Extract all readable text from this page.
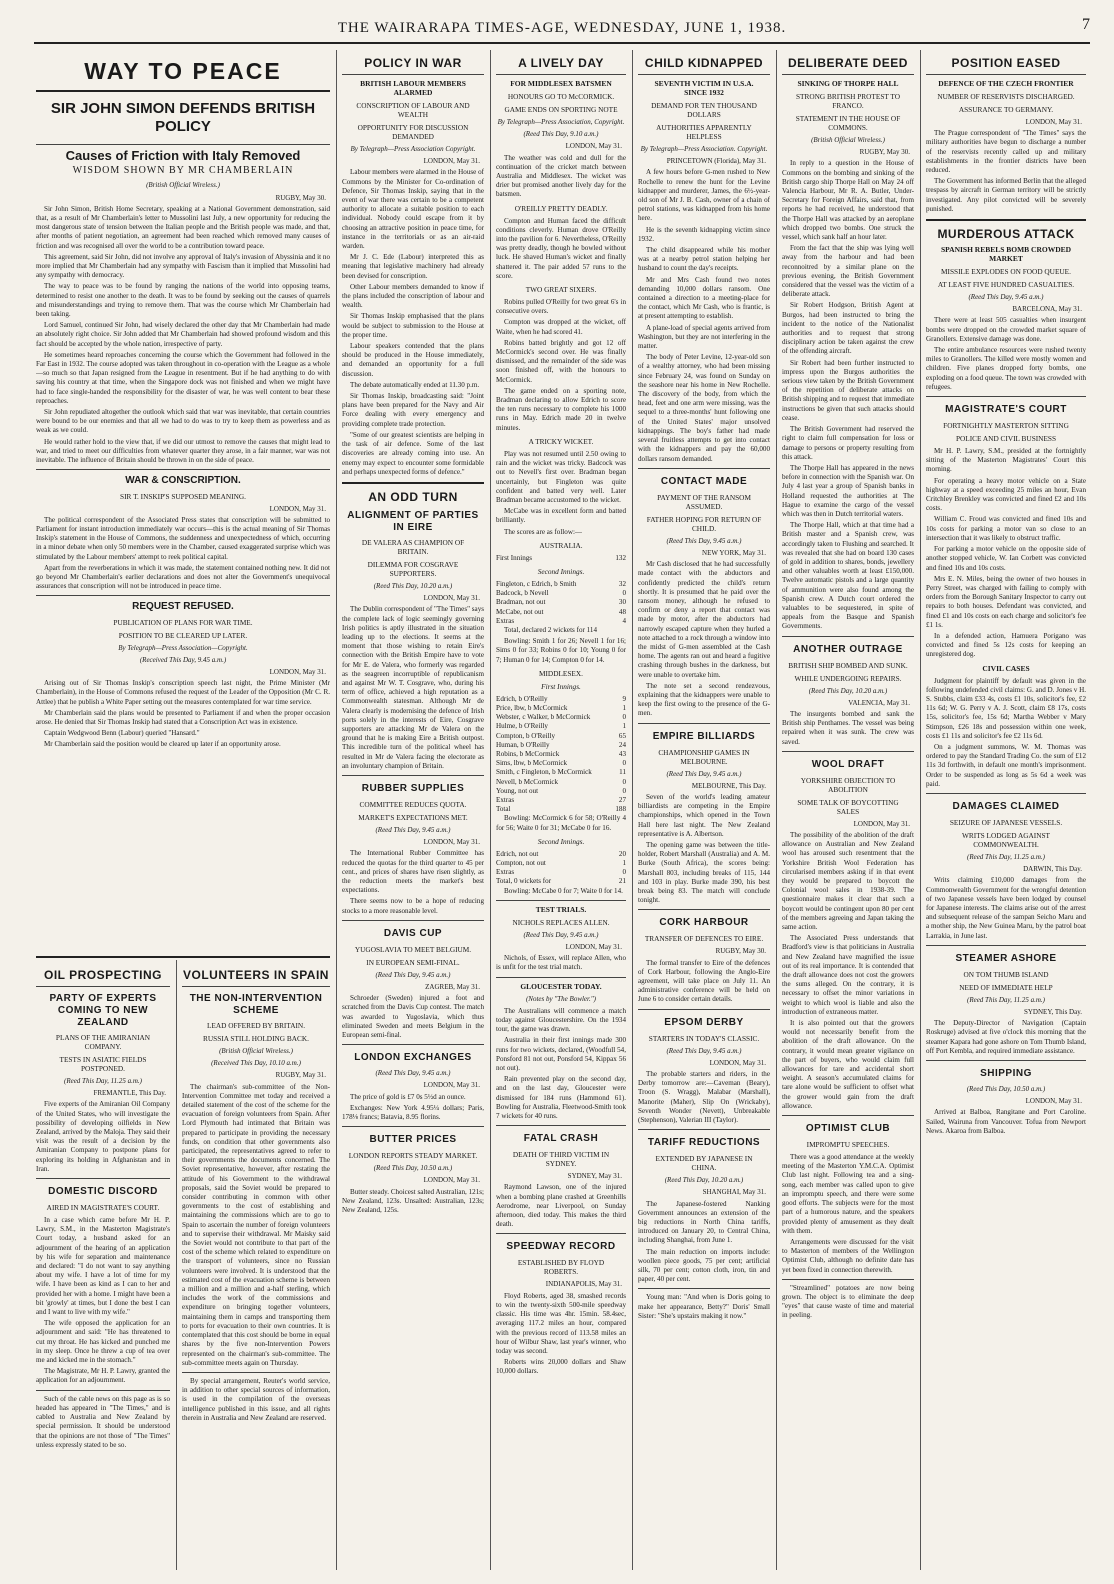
THE WAIRARAPA TIMES-AGE, WEDNESDAY, JUNE 1, 1938.	7
WAY TO PEACE
SIR JOHN SIMON DEFENDS BRITISH POLICY
Causes of Friction with Italy Removed
WISDOM SHOWN BY MR CHAMBERLAIN
(British Official Wireless.)
RUGBY, May 30.

Sir John Simon, British Home Secretary, speaking at a National Government demonstration, said that, as a result of Mr Chamberlain's letter to Mussolini last July, a new opportunity for reducing the most dangerous state of tension between the Italian people and the British people was made, and that, after months of patient negotiation, an agreement had been reached which removed many causes of friction and was recognised all over the world to be a contribution toward peace.

This agreement, said Sir John, did not involve any approval of Italy's invasion of Abyssinia and it no more implied that Mr Chamberlain had any sympathy with Fascism than it implied that Mussolini had any sympathy with democracy.

The way to peace was to be found by ranging the nations of the world into opposing teams, determined to resist one another to the death. It was to be found by seeking out the causes of quarrels and misunderstandings and trying to remove them. That was the course which Mr Chamberlain had been taking.

Lord Samuel, continued Sir John, had wisely declared the other day that Mr Chamberlain had made an absolutely right choice. Sir John added that Mr Chamberlain had showed profound wisdom and this fact should be accepted by the whole nation, irrespective of party.

He sometimes heard reproaches concerning the course which the Government had followed in the Far East in 1932. The course adopted was taken throughout in co-operation with the League as a whole—so much so that Japan resigned from the League in resentment. But if he had anything to do with saving his country at that time, when the Singapore dock was not finished and when we might have had to face single-handed the responsibility for the disaster of war, he was well content to bear these reproaches.

Sir John repudiated altogether the outlook which said that war was inevitable, that certain countries were bound to be our enemies and that all we had to do was to try to keep them as powerless and as weak as we could.

He would rather hold to the view that, if we did our utmost to remove the causes that might lead to war, and tried to meet our difficulties from whatever quarter they arose, in a fair manner, war was not inevitable. The influence of Britain should be thrown in on the side of peace.

WAR & CONSCRIPTION.
SIR T. INSKIP'S SUPPOSED MEANING.
LONDON, May 31.

The political correspondent of the Associated Press states that conscription will be submitted to Parliament for instant introduction immediately war occurs—this is the actual meaning of Sir Thomas Inskip's statement in the House of Commons, the suddenness and unexpectedness of which, occurring in a minor debate when only 50 members were in the Chamber, caused exaggerated surprise which was stimulated by the Labour members' attempt to reek political capital.

Apart from the reverberations in which it was made, the statement contained nothing new. It did not go beyond Mr Chamberlain's earlier declarations and does not alter the Government's unequivocal assurances that conscription will not be introduced in peace time.

REQUEST REFUSED.
PUBLICATION OF PLANS FOR WAR TIME.
POSITION TO BE CLEARED UP LATER.
By Telegraph—Press Association—Copyright.
(Received This Day, 9.45 a.m.)
LONDON, May 31.

Arising out of Sir Thomas Inskip's conscription speech last night, the Prime Minister (Mr Chamberlain), in the House of Commons refused the request of the Leader of the Opposition (Mr C. R. Attlee) that he publish a White Paper setting out the measures contemplated for war time service.

Mr Chamberlain said the plans would be presented to Parliament if and when the proper occasion arose. He denied that Sir Thomas Inskip had stated that a Conscription Act was in existence.

Captain Wedgwood Benn (Labour) queried "Hansard."

Mr Chamberlain said the position would be cleared up later if an opportunity arose.

OIL PROSPECTING
PARTY OF EXPERTS COMING TO NEW ZEALAND
PLANS OF THE AMIRANIAN COMPANY.
TESTS IN ASIATIC FIELDS POSTPONED.
(Reed This Day, 11.25 a.m.)
FREMANTLE, This Day.

Five experts of the Amiranian Oil Company of the United States, who will investigate the possibility of developing oilfields in New Zealand, arrived by the Maloja. They said their visit was the result of a decision by the Amiranian Company to postpone plans for exploring its holding in Afghanistan and in Iran.

DOMESTIC DISCORD
AIRED IN MAGISTRATE'S COURT.

In a case which came before Mr H. P. Lawry, S.M., in the Masterton Magistrate's Court today, a husband asked for an adjournment of the hearing of an application by his wife for separation and maintenance and declared: "I do not want to say anything about my wife. I have a lot of time for my wife. I have been as kind as I can to her and provided her with a home. I might have been a bit 'growly' at times, but I done the best I can and I want to live with my wife."

The wife opposed the application for an adjournment and said: "He has threatened to cut my throat. He has kicked and punched me in my sleep. Once he threw a cup of tea over me and kicked me in the stomach."

The Magistrate, Mr H. P. Lawry, granted the application for an adjournment.

Such of the cable news on this page as is so headed has appeared in "The Times," and is cabled to Australia and New Zealand by special permission. It should be understood that the opinions are not those of "The Times" unless expressly stated to be so.

VOLUNTEERS IN SPAIN
THE NON-INTERVENTION SCHEME
LEAD OFFERED BY BRITAIN.
RUSSIA STILL HOLDING BACK.
(British Official Wireless.)
(Received This Day, 10.10 a.m.)
RUGBY, May 31.

The chairman's sub-committee of the Non-Intervention Committee met today and received a detailed statement of the cost of the scheme for the evacuation of foreign volunteers from Spain. After Lord Plymouth had intimated that Britain was prepared to participate in providing the necessary funds, on condition that other governments also participated, the representatives agreed to refer to their governments the documents concerned. The Soviet representative, however, after restating the attitude of his Government to the withdrawal proposals, said the Soviet would be prepared to consider contributing in common with other governments to the cost of establishing and maintaining the commissions which are to go to Spain to ascertain the number of foreign volunteers and to supervise their withdrawal. Mr Maisky said the Soviet would not contribute to that part of the cost of the scheme which related to expenditure on the transport of volunteers, since no Russian volunteers were involved. It is understood that the estimated cost of the evacuation scheme is between a million and a million and a-half sterling, which includes the work of the commissions and expenditure on bringing together volunteers, maintaining them in camps and transporting them to ports for evacuation to their own countries. It is contemplated that this cost should be borne in equal shares by the five non-Intervention Powers represented on the chairman's sub-committee. The sub-committee meets again on Thursday.

By special arrangement, Reuter's world service, in addition to other special sources of information, is used in the compilation of the overseas intelligence published in this issue, and all rights therein in Australia and New Zealand are reserved.

POLICY IN WAR
BRITISH LABOUR MEMBERS ALARMED
CONSCRIPTION OF LABOUR AND WEALTH
OPPORTUNITY FOR DISCUSSION DEMANDED
By Telegraph—Press Association Copyright.
LONDON, May 31.

Labour members were alarmed in the House of Commons by the Minister for Co-ordination of Defence, Sir Thomas Inskip, saying that in the event of war there was certain to be a competent authority to allocate a suitable position to each individual. Nobody could escape from it by choosing an attractive position in peace time, for instance in the territorials or as an air-raid warden.

Mr J. C. Ede (Labour) interpreted this as meaning that legislative machinery had already been devised for conscription.

Other Labour members demanded to know if the plans included the conscription of labour and wealth.

Sir Thomas Inskip emphasised that the plans would be subject to submission to the House at the proper time.

Labour speakers contended that the plans should be produced in the House immediately, and demanded an opportunity for a full discussion.

The debate automatically ended at 11.30 p.m.

Sir Thomas Inskip, broadcasting said: "Joint plans have been prepared for the Navy and Air Force dealing with every emergency and providing complete trade protection.

"Some of our greatest scientists are helping in the task of air defence. Some of the last discoveries are already coming into use. An enemy may expect to encounter some formidable and perhaps unexpected forms of defence."

AN ODD TURN
ALIGNMENT OF PARTIES IN EIRE
DE VALERA AS CHAMPION OF BRITAIN.
DILEMMA FOR COSGRAVE SUPPORTERS.
(Reed This Day, 10.20 a.m.)
LONDON, May 31.

The Dublin correspondent of "The Times" says the complete lack of logic seemingly governing Irish politics is aptly illustrated in the situation leading up to the elections. It seems at the moment that those wishing to retain Eire's connection with the British Empire have to vote for Mr E. de Valera, who formerly was regarded as the seagreen incorruptible of republicanism and against Mr W. T. Cosgrave, who, during his term of office, achieved a high reputation as a Commonwealth statesman. Although Mr de Valera clearly is modernising the defence of Irish ports solely in the interests of Eire, Cosgrave supporters are attacking Mr de Valera on the ground that he is making Eire a British outpost. This incredible turn of the political wheel has resulted in Mr de Valera facing the electorate as an involuntary champion of Britain.

RUBBER SUPPLIES
COMMITTEE REDUCES QUOTA.
MARKET'S EXPECTATIONS MET.
(Reed This Day, 9.45 a.m.)
LONDON, May 31.

The International Rubber Committee has reduced the quotas for the third quarter to 45 per cent., and prices of shares have risen slightly, as the reduction meets the market's best expectations.

There seems now to be a hope of reducing stocks to a more reasonable level.

DAVIS CUP
YUGOSLAVIA TO MEET BELGIUM.
IN EUROPEAN SEMI-FINAL.
(Reed This Day, 9.45 a.m.)
ZAGREB, May 31.

Schroeder (Sweden) injured a foot and scratched from the Davis Cup contest. The match was awarded to Yugoslavia, which thus eliminated Sweden and meets Belgium in the European semi-final.

LONDON EXCHANGES
(Reed This Day, 9.45 a.m.)
LONDON, May 31.

The price of gold is £7 0s 5½d an ounce.

Exchanges: New York 4.95¼ dollars; Paris, 178⅛ francs; Batavia, 8.95 florins.

BUTTER PRICES
LONDON REPORTS STEADY MARKET.
(Reed This Day, 10.50 a.m.)
LONDON, May 31.

Butter steady. Choicest salted Australian, 121s; New Zealand, 123s. Unsalted: Australian, 123s; New Zealand, 125s.

A LIVELY DAY
FOR MIDDLESEX BATSMEN
HONOURS GO TO McCORMICK.
GAME ENDS ON SPORTING NOTE
By Telegraph—Press Association, Copyright.
(Reed This Day, 9.10 a.m.)
LONDON, May 31.

The weather was cold and dull for the continuation of the cricket match between Australia and Middlesex. The wicket was drier but promised another lively day for the batsmen.

O'REILLY PRETTY DEADLY.

Compton and Human faced the difficult conditions cleverly. Human drove O'Reilly into the pavilion for 6. Nevertheless, O'Reilly was pretty deadly, though he bowled without luck. He shaved Human's wicket and finally shattered it. The pair added 57 runs to the score.

TWO GREAT SIXERS.

Robins pulled O'Reilly for two great 6's in consecutive overs.

Compton was dropped at the wicket, off Waite, when he had scored 41.

Robins batted brightly and got 12 off McCormick's second over. He was finally dismissed, and the remainder of the side was soon finished off, with the honours to McCormick.

The game ended on a sporting note, Bradman declaring to allow Edrich to score the ten runs necessary to complete his 1000 runs in May. Edrich made 20 in twelve minutes.

A TRICKY WICKET.

Play was not resumed until 2.50 owing to rain and the wicket was tricky. Badcock was out to Nevell's first over. Bradman began uncertainly, but Fingleton was quite confident and batted very well. Later Bradman became accustomed to the wicket.

McCabe was in excellent form and batted brilliantly.

The scores are as follow:—

AUSTRALIA.
First Innings	132
Second Innings.
Fingleton, c Edrich, b Smith	32
Badcock, b Nevell	0
Bradman, not out	30
McCabe, not out	48
Extras	4

Total, declared 2 wickets for 114

Bowling: Smith 1 for 26; Nevell 1 for 16; Sims 0 for 33; Robins 0 for 10; Young 0 for 7; Human 0 for 14; Compton 0 for 14.

MIDDLESEX.
First Innings.
Edrich, b O'Reilly	9
Price, lbw, b McCormick	1
Webster, c Walker, b McCormick	0
Hulme, b O'Reilly	1
Compton, b O'Reilly	65
Human, b O'Reilly	24
Robins, b McCormick	43
Sims, lbw, b McCormick	0
Smith, c Fingleton, b McCormick	11
Nevell, b McCormick	0
Young, not out	0
Extras	27
Total	188

Bowling: McCormick 6 for 58; O'Reilly 4 for 56; Waite 0 for 31; McCabe 0 for 16.

Second Innings.
Edrich, not out	20
Compton, not out	1
Extras	0
Total, 0 wickets for	21

Bowling: McCabe 0 for 7; Waite 0 for 14.

TEST TRIALS.
NICHOLS REPLACES ALLEN.
(Reed This Day, 9.45 a.m.)
LONDON, May 31.

Nichols, of Essex, will replace Allen, who is unfit for the test trial match.

GLOUCESTER TODAY.
(Notes by "The Bowler.")

The Australians will commence a match today against Gloucestershire. On the 1934 tour, the game was drawn.

Australia in their first innings made 300 runs for two wickets, declared, (Woodfull 54, Ponsford 81 not out, Ponsford 54, Kippax 56 not out).

Rain prevented play on the second day, and on the last day, Gloucester were dismissed for 184 runs (Hammond 61). Bowling for Australia, Fleetwood-Smith took 7 wickets for 40 runs.

FATAL CRASH
DEATH OF THIRD VICTIM IN SYDNEY.
SYDNEY, May 31.

Raymond Lawson, one of the injured when a bombing plane crashed at Greenhills Aerodrome, near Liverpool, on Sunday afternoon, died today. This makes the third death.

SPEEDWAY RECORD
ESTABLISHED BY FLOYD ROBERTS.
INDIANAPOLIS, May 31.

Floyd Roberts, aged 38, smashed records to win the twenty-sixth 500-mile speedway classic. His time was 4hr. 15min. 58.4sec, averaging 117.2 miles an hour, compared with the previous record of 113.58 miles an hour of Wilbur Shaw, last year's winner, who today was second.

Roberts wins 20,000 dollars and Shaw 10,000 dollars.

CHILD KIDNAPPED
SEVENTH VICTIM IN U.S.A. SINCE 1932
DEMAND FOR TEN THOUSAND DOLLARS
AUTHORITIES APPARENTLY HELPLESS
By Telegraph—Press Association. Copyright.
PRINCETOWN (Florida), May 31.

A few hours before G-men rushed to New Rochelle to renew the hunt for the Levine kidnapper and murderer, James, the 6½-year-old son of Mr J. B. Cash, owner of a chain of petrol stations, was kidnapped from his home here.

He is the seventh kidnapping victim since 1932.

The child disappeared while his mother was at a nearby petrol station helping her husband to count the day's receipts.

Mr and Mrs Cash found two notes demanding 10,000 dollars ransom. One contained a direction to a meeting-place for the contact, which Mr Cash, who is frantic, is at present attempting to establish.

A plane-load of special agents arrived from Washington, but they are not interfering in the matter.

The body of Peter Levine, 12-year-old son of a wealthy attorney, who had been missing since February 24, was found on Sunday on the seashore near his home in New Rochelle. The discovery of the body, from which the head, feet and one arm were missing, was the sequel to a three-months' hunt following one of the United States' major unsolved kidnappings. The boy's father had made several fruitless attempts to get into contact with the kidnappers and pay the 60,000 dollars ransom demanded.

CONTACT MADE
PAYMENT OF THE RANSOM ASSUMED.
FATHER HOPING FOR RETURN OF CHILD.
(Reed This Day, 9.45 a.m.)
NEW YORK, May 31.

Mr Cash disclosed that he had successfully made contact with the abductors and confidently predicted the child's return shortly. It is presumed that he paid over the ransom money, although he refused to confirm or deny a report that contact was made by motor, after the abductors had narrowly escaped capture when they hurled a note attached to a rock through a window into the midst of G-men assembled at the Cash home. The agents ran out and heard a fugitive crashing through bushes in the darkness, but were unable to overtake him.

The note set a second rendezvous, explaining that the kidnappers were unable to keep the first owing to the presence of the G-men.

EMPIRE BILLIARDS
CHAMPIONSHIP GAMES IN MELBOURNE.
(Reed This Day, 9.45 a.m.)
MELBOURNE, This Day.

Seven of the world's leading amateur billiardists are competing in the Empire championships, which opened in the Town Hall here last night. The New Zealand representative is A. Albertson.

The opening game was between the title-holder, Robert Marshall (Australia) and A. M. Burke (South Africa), the scores being: Marshall 803, including breaks of 115, 144 and 103 in play. Burke made 390, his best break being 83. The match will conclude tonight.

CORK HARBOUR
TRANSFER OF DEFENCES TO EIRE.
RUGBY, May 30.

The formal transfer to Eire of the defences of Cork Harbour, following the Anglo-Eire agreement, will take place on July 11. An administrative conference will be held on June 6 to consider certain details.

EPSOM DERBY
STARTERS IN TODAY'S CLASSIC.
(Reed This Day, 9.45 a.m.)
LONDON, May 31.

The probable starters and riders, in the Derby tomorrow are:—Caveman (Beary), Troon (S. Wragg), Malabar (Marshall), Manorite (Maher), Slip On (Wrickaby), Seventh Wonder (Nevett), Unbreakable (Stephenson), Valerian III (Taylor).

TARIFF REDUCTIONS
EXTENDED BY JAPANESE IN CHINA.
(Reed This Day, 10.20 a.m.)
SHANGHAI, May 31.

The Japanese-fostered Nanking Government announces an extension of the big reductions in North China tariffs, introduced on January 20, to Central China, including Shanghai, from June 1.

The main reduction on imports include: woollen piece goods, 75 per cent; artificial silk, 70 per cent; cotton cloth, iron, tin and paper, 40 per cent.

Young man: "And when is Doris going to make her appearance, Betty?" Doris' Small Sister: "She's upstairs making it now."

DELIBERATE DEED
SINKING OF THORPE HALL
STRONG BRITISH PROTEST TO FRANCO.
STATEMENT IN THE HOUSE OF COMMONS.
(British Official Wireless.)
RUGBY, May 30.

In reply to a question in the House of Commons on the bombing and sinking of the British cargo ship Thorpe Hall on May 24 off Valencia Harbour, Mr R. A. Butler, Under-Secretary for Foreign Affairs, said that, from reports he had received, he understood that the Thorpe Hall was attacked by an aeroplane which dropped two bombs. One struck the vessel, which sank half an hour later.

From the fact that the ship was lying well away from the harbour and had been reconnoitred by a similar plane on the previous evening, the British Government considered that the vessel was the victim of a deliberate attack.

Sir Robert Hodgson, British Agent at Burgos, had been instructed to bring the incident to the notice of the Nationalist authorities and to request that strong disciplinary action be taken against the crew of the offending aircraft.

Sir Robert had been further instructed to impress upon the Burgos authorities the serious view taken by the British Government of the repetition of deliberate attacks on British shipping and to request that immediate instructions be given that such attacks should cease.

The British Government had reserved the right to claim full compensation for loss or damage to persons or property resulting from this attack.

The Thorpe Hall has appeared in the news before in connection with the Spanish war. On July 4 last year a group of Spanish banks in Holland requested the authorities at The Hague to examine the cargo of the vessel which was then in Dutch territorial waters.

The Thorpe Hall, which at that time had a British master and a Spanish crew, was accordingly taken to Flushing and searched. It was revealed that she had on board 130 cases of gold in addition to shares, bonds, jewellery and other valuables worth at least £150,000. Twelve automatic pistols and a large quantity of ammunition were also found among the Spanish crew. A Dutch court ordered the valuables to be sequestered, in spite of appeals from the Basque and Spanish Governments.

ANOTHER OUTRAGE
BRITISH SHIP BOMBED AND SUNK.
WHILE UNDERGOING REPAIRS.
(Reed This Day, 10.20 a.m.)
VALENCIA, May 31.

The insurgents bombed and sank the British ship Penthames. The vessel was being repaired when it was sunk. The crew was saved.

WOOL DRAFT
YORKSHIRE OBJECTION TO ABOLITION
SOME TALK OF BOYCOTTING SALES
LONDON, May 31.

The possibility of the abolition of the draft allowance on Australian and New Zealand wool has aroused such resentment that the Yorkshire British Wool Federation has circularised members asking if in that event they would be prepared to boycott the Colonial wool sales in 1938-39. The questionnaire makes it clear that such a boycott would be contingent upon 80 per cent of the members agreeing and Japan taking the same action.

The Associated Press understands that Bradford's view is that politicians in Australia and New Zealand have magnified the issue out of its real importance. It is contended that the draft allowance does not cost the growers the sums alleged. On the contrary, it is necessary to offset the minor variations in weight to which wool is liable and also the introduction of extraneous matter.

It is also pointed out that the growers would not necessarily benefit from the abolition of the draft allowance. On the contrary, it would mean greater vigilance on the part of buyers, who would claim full allowances for tare and accidental short weight. A season's accumulated claims for tare alone would be sufficient to offset what the grower would gain from the draft allowance.

OPTIMIST CLUB
IMPROMPTU SPEECHES.

There was a good attendance at the weekly meeting of the Masterton Y.M.C.A. Optimist Club last night. Following tea and a sing-song, each member was called upon to give an impromptu speech, and there were some good efforts. The subjects were for the most part of a humorous nature, and the speakers provided plenty of amusement as they dealt with them.

Arrangements were discussed for the visit to Masterton of members of the Wellington Optimist Club, although no definite date has yet been fixed in connection therewith.

"Streamlined" potatoes are now being grown. The object is to eliminate the deep "eyes" that cause waste of time and material in peeling.

POSITION EASED
DEFENCE OF THE CZECH FRONTIER
NUMBER OF RESERVISTS DISCHARGED.
ASSURANCE TO GERMANY.
LONDON, May 31.

The Prague correspondent of "The Times" says the military authorities have begun to discharge a number of the reservists recently called up and military establishments in the frontier districts have been reduced.

The Government has informed Berlin that the alleged trespass by aircraft in German territory will be strictly investigated. Any pilot convicted will be severely punished.

MURDEROUS ATTACK
SPANISH REBELS BOMB CROWDED MARKET
MISSILE EXPLODES ON FOOD QUEUE.
AT LEAST FIVE HUNDRED CASUALTIES.
(Reed This Day, 9.45 a.m.)
BARCELONA, May 31.

There were at least 505 casualties when insurgent bombs were dropped on the crowded market square of Granollers. Extensive damage was done.

The entire ambulance resources were rushed twenty miles to Granollers. The killed were mostly women and children. Five planes dropped forty bombs, one exploding on a food queue. The town was crowded with refugees.

MAGISTRATE'S COURT
FORTNIGHTLY MASTERTON SITTING
POLICE AND CIVIL BUSINESS

Mr H. P. Lawry, S.M., presided at the fortnightly sitting of the Masterton Magistrates' Court this morning.

For operating a heavy motor vehicle on a State highway at a speed exceeding 25 miles an hour, Evan Critchley Brenkley was convicted and fined £2 and 10s costs.

William C. Froud was convicted and fined 10s and 10s costs for parking a motor van so close to an intersection that it was likely to obstruct traffic.

For parking a motor vehicle on the opposite side of another stopped vehicle, W. Ian Corbett was convicted and fined 10s and 10s costs.

Mrs E. N. Miles, being the owner of two houses in Perry Street, was charged with failing to comply with orders from the Borough Sanitary Inspector to carry out repairs to both houses. Defendant was convicted, and fined £1 and 10s costs on each charge and solicitor's fee £1 1s.

In a defended action, Hamuera Porigano was convicted and fined 5s 12s costs for keeping an unregistered dog.

CIVIL CASES

Judgment for plaintiff by default was given in the following undefended civil claims: G. and D. Jones v H. S. Stubbs, claim £33 4s, costs £1 10s, solicitor's fee, £2 11s 6d; W. G. Perry v A. J. Scott, claim £8 17s, costs 15s, solicitor's fee, 15s 6d; Martha Webber v Mary Stimpson, £26 18s and possession within one week, costs £1 11s and solicitor's fee £2 11s 6d.

On a judgment summons, W. M. Thomas was ordered to pay the Standard Trading Co. the sum of £12 11s 3d forthwith, in default one month's imprisonment. Order to be suspended as long as 5s 6d a week was paid.

DAMAGES CLAIMED
SEIZURE OF JAPANESE VESSELS.
WRITS LODGED AGAINST COMMONWEALTH.
(Reed This Day, 11.25 a.m.)
DARWIN, This Day.

Writs claiming £10,000 damages from the Commonwealth Government for the wrongful detention of two Japanese vessels have been lodged by counsel for Japanese interests. The claims arise out of the arrest and subsequent release of the sampan Seicho Maru and a mother ship, the New Guinea Maru, by the patrol boat Larrakia, in June last.

STEAMER ASHORE
ON TOM THUMB ISLAND
NEED OF IMMEDIATE HELP
(Reed This Day, 11.25 a.m.)
SYDNEY, This Day.

The Deputy-Director of Navigation (Captain Roskruge) advised at five o'clock this morning that the steamer Kapara had gone ashore on Tom Thumb Island, off Port Kembla, and required immediate assistance.

SHIPPING
(Reed This Day, 10.50 a.m.)
LONDON, May 31.

Arrived at Balboa, Rangitane and Port Caroline. Sailed, Wairuna from Vancouver. Tofua from Newport News. Akaroa from Balboa.
